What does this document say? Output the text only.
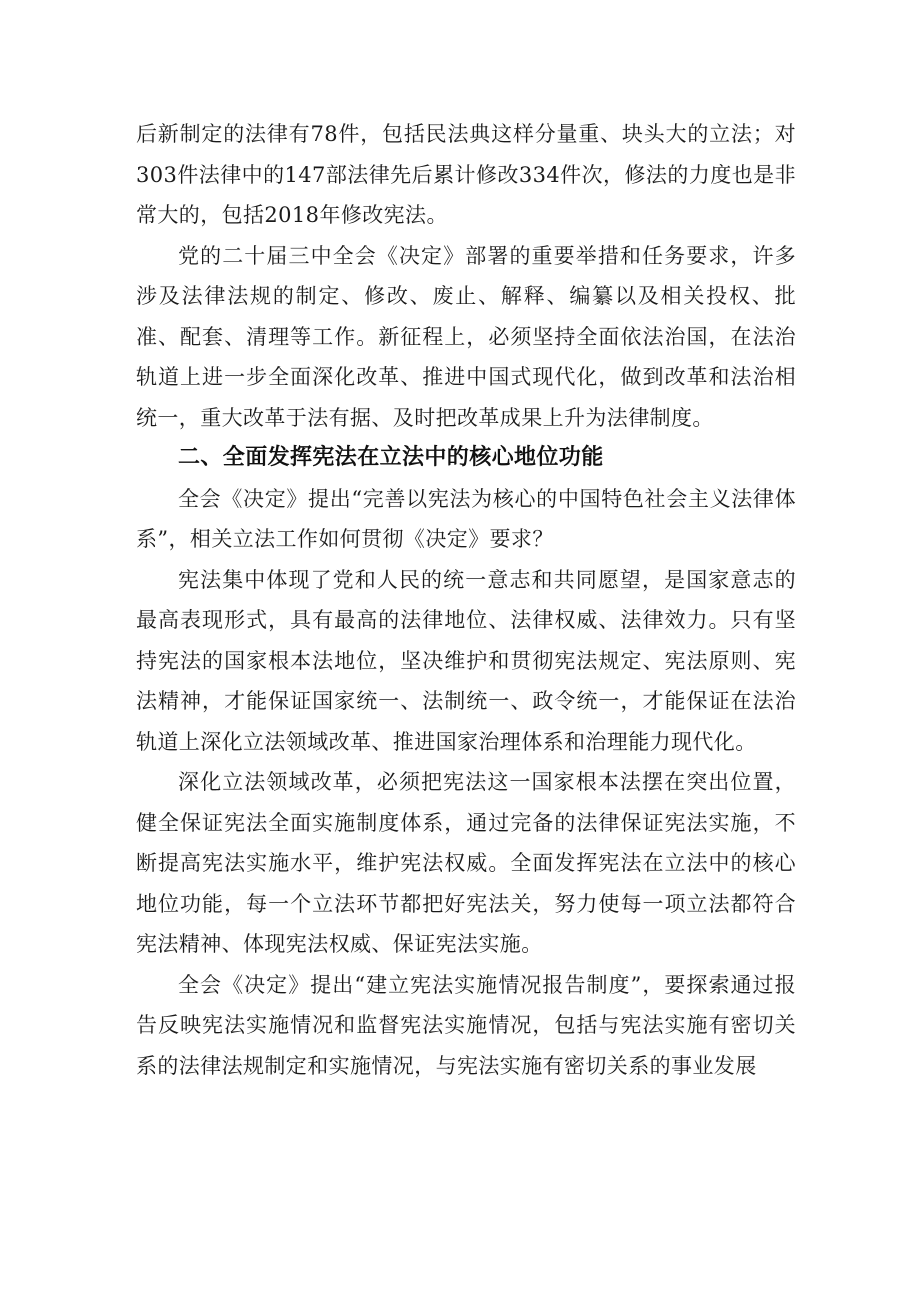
后新制定的法律有78件，包括民法典这样分量重、块头大的立法；对303件法律中的147部法律先后累计修改334件次，修法的力度也是非常大的，包括2018年修改宪法。

党的二十届三中全会《决定》部署的重要举措和任务要求，许多涉及法律法规的制定、修改、废止、解释、编纂以及相关投权、批准、配套、清理等工作。新征程上，必须坚持全面依法治国，在法治轨道上进一步全面深化改革、推进中国式现代化，做到改革和法治相统一，重大改革于法有据、及时把改革成果上升为法律制度。

二、全面发挥宪法在立法中的核心地位功能

全会《决定》提出“完善以宪法为核心的中国特色社会主义法律体系”，相关立法工作如何贯彻《决定》要求？

宪法集中体现了党和人民的统一意志和共同愿望，是国家意志的最高表现形式，具有最高的法律地位、法律权威、法律效力。只有坚持宪法的国家根本法地位，坚决维护和贯彻宪法规定、宪法原则、宪法精神，才能保证国家统一、法制统一、政令统一，才能保证在法治轨道上深化立法领域改革、推进国家治理体系和治理能力现代化。

深化立法领域改革，必须把宪法这一国家根本法摆在突出位置，健全保证宪法全面实施制度体系，通过完备的法律保证宪法实施，不断提高宪法实施水平，维护宪法权威。全面发挥宪法在立法中的核心地位功能，每一个立法环节都把好宪法关，努力使每一项立法都符合宪法精神、体现宪法权威、保证宪法实施。

全会《决定》提出“建立宪法实施情况报告制度”，要探索通过报告反映宪法实施情况和监督宪法实施情况，包括与宪法实施有密切关系的法律法规制定和实施情况，与宪法实施有密切关系的事业发展
